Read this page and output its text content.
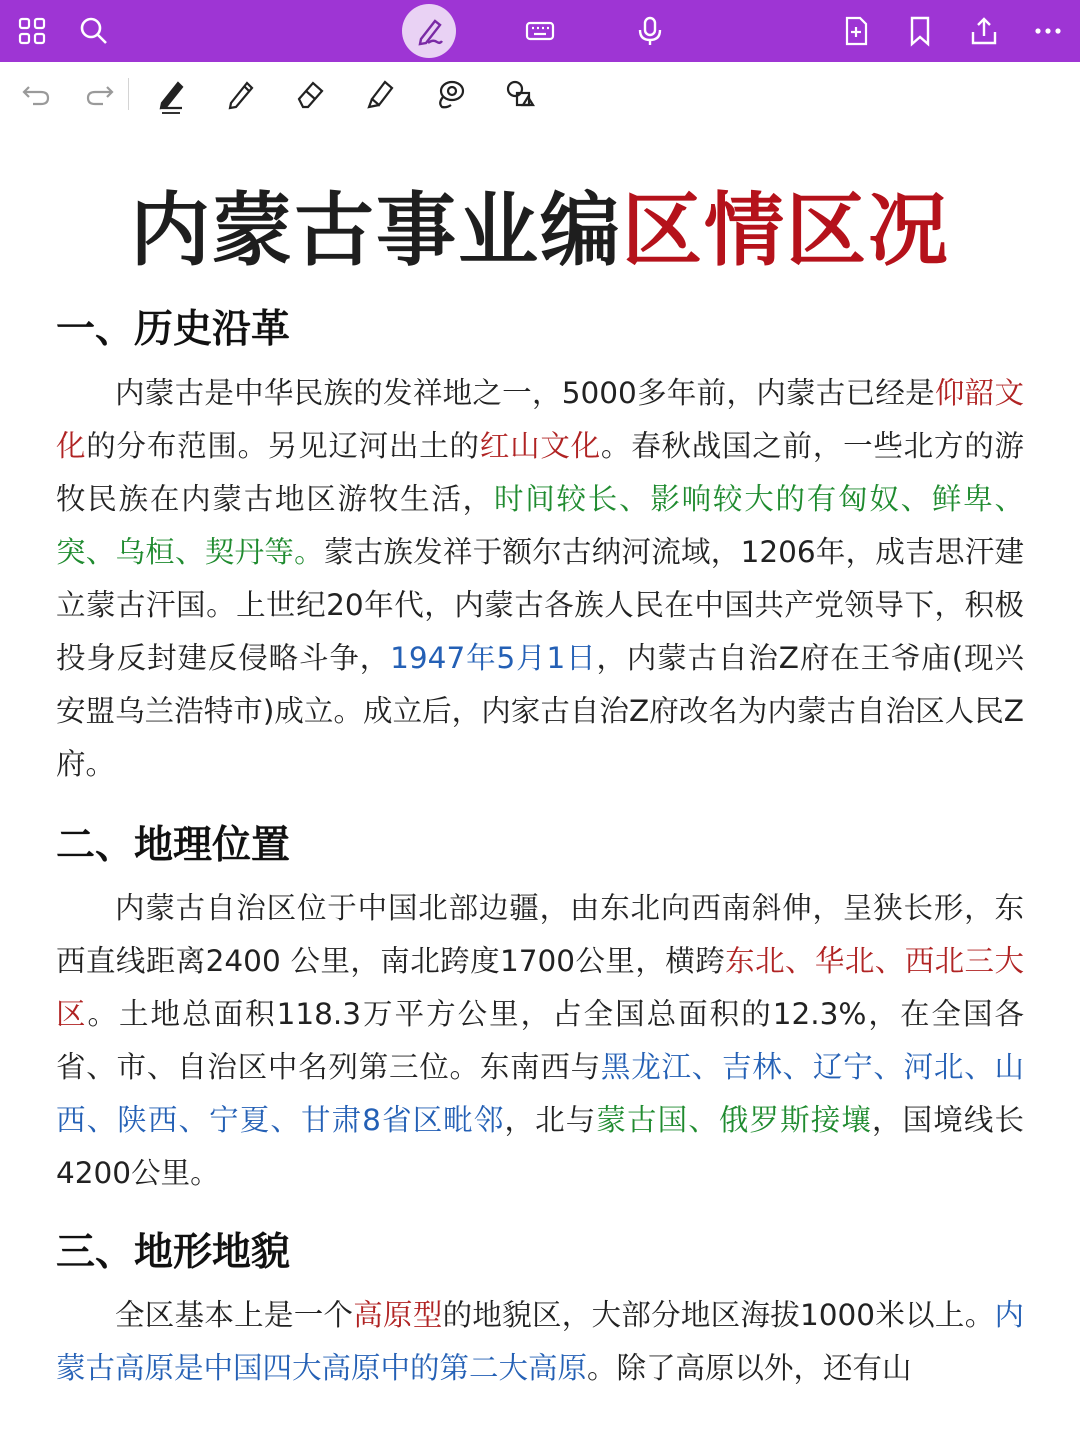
内蒙古事业编区情区况
一、历史沿革
内蒙古是中华民族的发祥地之一，5000多年前，内蒙古已经是仰韶文化的分布范围。另见辽河出土的红山文化。春秋战国之前，一些北方的游牧民族在内蒙古地区游牧生活，时间较长、影响较大的有匈奴、鲜卑、突、乌桓、契丹等。蒙古族发祥于额尔古纳河流域，1206年，成吉思汗建立蒙古汗国。上世纪20年代，内蒙古各族人民在中国共产党领导下，积极投身反封建反侵略斗争，1947年5月1日，内蒙古自治Z府在王爷庙(现兴安盟乌兰浩特市)成立。成立后，内家古自治Z府改名为内蒙古自治区人民Z府。
二、地理位置
内蒙古自治区位于中国北部边疆，由东北向西南斜伸，呈狭长形，东西直线距离2400 公里，南北跨度1700公里，横跨东北、华北、西北三大区。土地总面积118.3万平方公里，占全国总面积的12.3%，在全国各省、市、自治区中名列第三位。东南西与黑龙江、吉林、辽宁、河北、山西、陕西、宁夏、甘肃8省区毗邻，北与蒙古国、俄罗斯接壤，国境线长 4200公里。
三、地形地貌
全区基本上是一个高原型的地貌区，大部分地区海拔1000米以上。内蒙古高原是中国四大高原中的第二大高原。除了高原以外，还有山
